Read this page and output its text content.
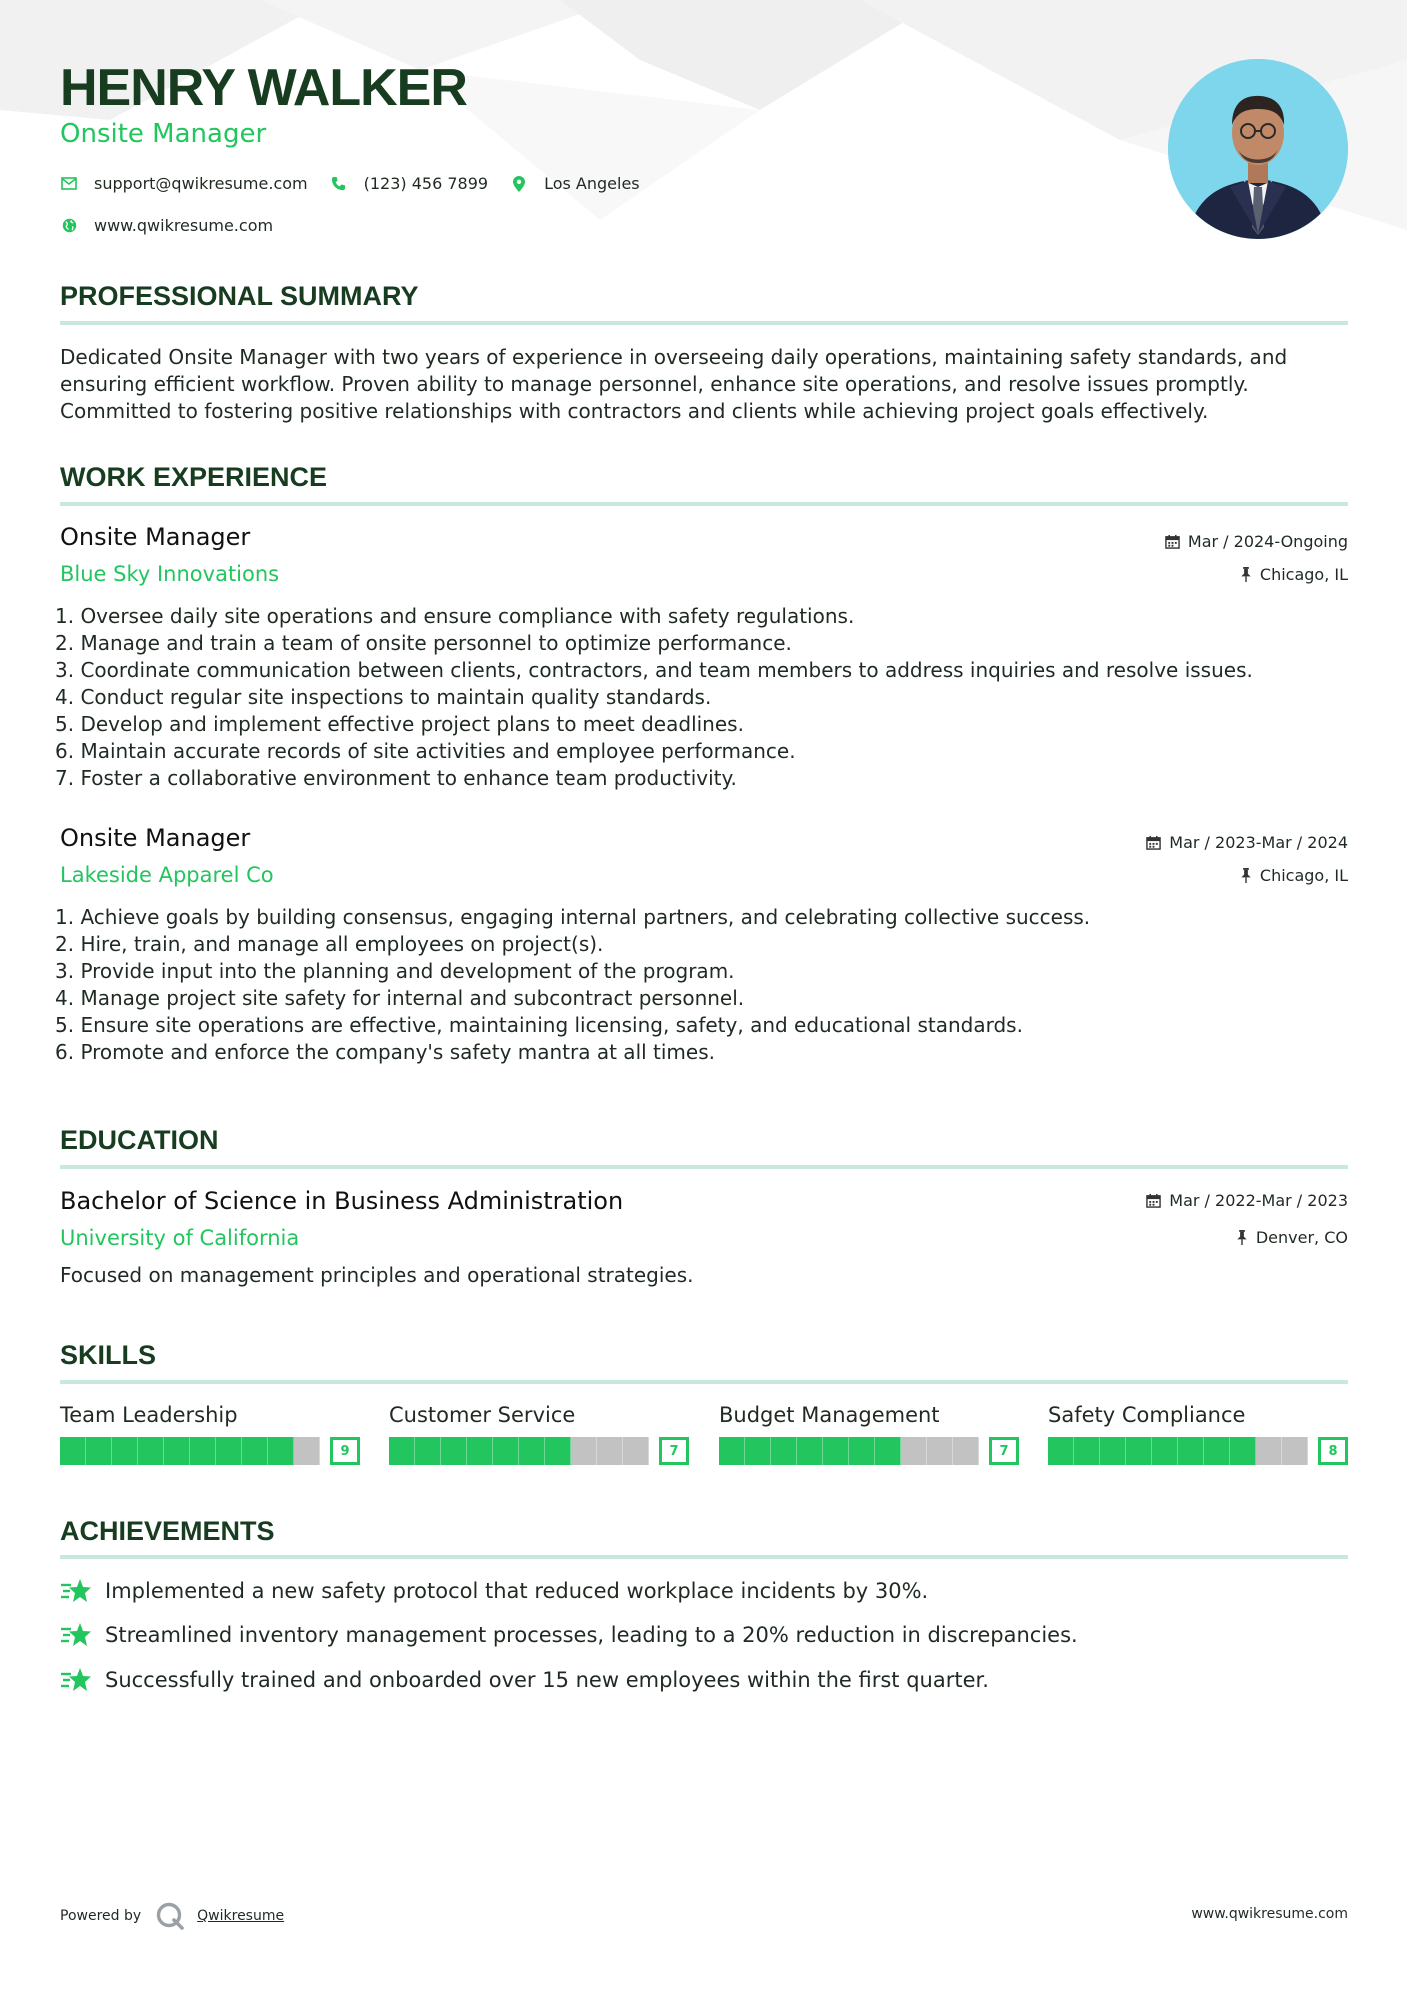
HENRY WALKER
Onsite Manager
support@qwikresume.com	(123) 456 7899	Los Angeles
www.qwikresume.com
PROFESSIONAL SUMMARY
Dedicated Onsite Manager with two years of experience in overseeing daily operations, maintaining safety standards, and
ensuring efficient workflow. Proven ability to manage personnel, enhance site operations, and resolve issues promptly.
Committed to fostering positive relationships with contractors and clients while achieving project goals effectively.
WORK EXPERIENCE
Onsite Manager
Blue Sky Innovations
Mar / 2024-Ongoing
Chicago, IL
1. Oversee daily site operations and ensure compliance with safety regulations.
2. Manage and train a team of onsite personnel to optimize performance.
3. Coordinate communication between clients, contractors, and team members to address inquiries and resolve issues.
4. Conduct regular site inspections to maintain quality standards.
5. Develop and implement effective project plans to meet deadlines.
6. Maintain accurate records of site activities and employee performance.
7. Foster a collaborative environment to enhance team productivity.
Onsite Manager
Lakeside Apparel Co
Mar / 2023-Mar / 2024
Chicago, IL
1. Achieve goals by building consensus, engaging internal partners, and celebrating collective success.
2. Hire, train, and manage all employees on project(s).
3. Provide input into the planning and development of the program.
4. Manage project site safety for internal and subcontract personnel.
5. Ensure site operations are effective, maintaining licensing, safety, and educational standards.
6. Promote and enforce the company's safety mantra at all times.
EDUCATION
Bachelor of Science in Business Administration
University of California
Mar / 2022-Mar / 2023
Denver, CO
Focused on management principles and operational strategies.
SKILLS
Team Leadership
9
Customer Service
7
Budget Management
7
Safety Compliance
8
ACHIEVEMENTS
Implemented a new safety protocol that reduced workplace incidents by 30%.
Streamlined inventory management processes, leading to a 20% reduction in discrepancies.
Successfully trained and onboarded over 15 new employees within the first quarter.
Powered by	Qwikresume	www.qwikresume.com
